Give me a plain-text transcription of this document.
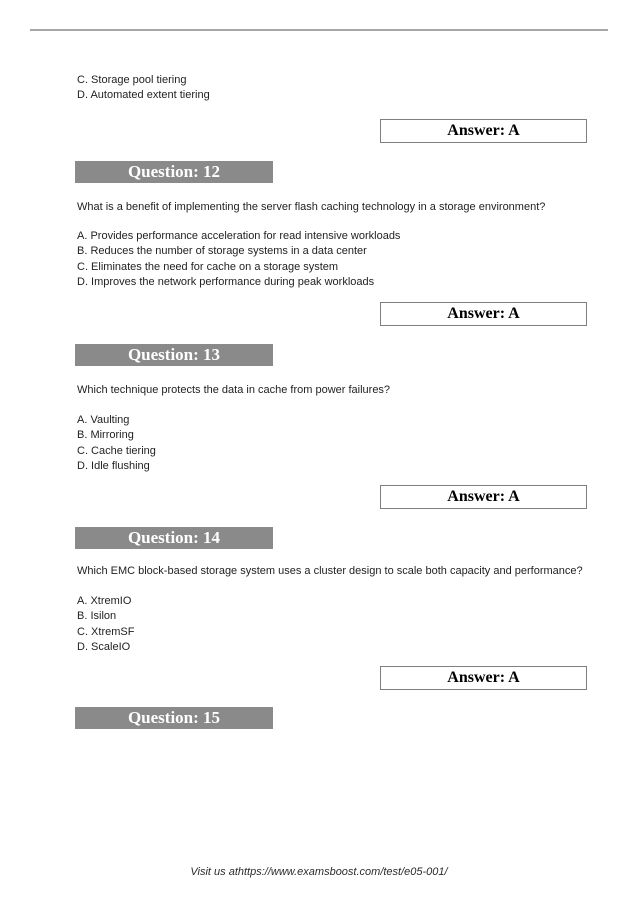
C. Storage pool tiering
D. Automated extent tiering
Answer: A
Question: 12
What is a benefit of implementing the server flash caching technology in a storage environment?
A. Provides performance acceleration for read intensive workloads
B. Reduces the number of storage systems in a data center
C. Eliminates the need for cache on a storage system
D. Improves the network performance during peak workloads
Answer: A
Question: 13
Which technique protects the data in cache from power failures?
A. Vaulting
B. Mirroring
C. Cache tiering
D. Idle flushing
Answer: A
Question: 14
Which EMC block-based storage system uses a cluster design to scale both capacity and performance?
A. XtremIO
B. Isilon
C. XtremSF
D. ScaleIO
Answer: A
Question: 15
Visit us athttps://www.examsboost.com/test/e05-001/
